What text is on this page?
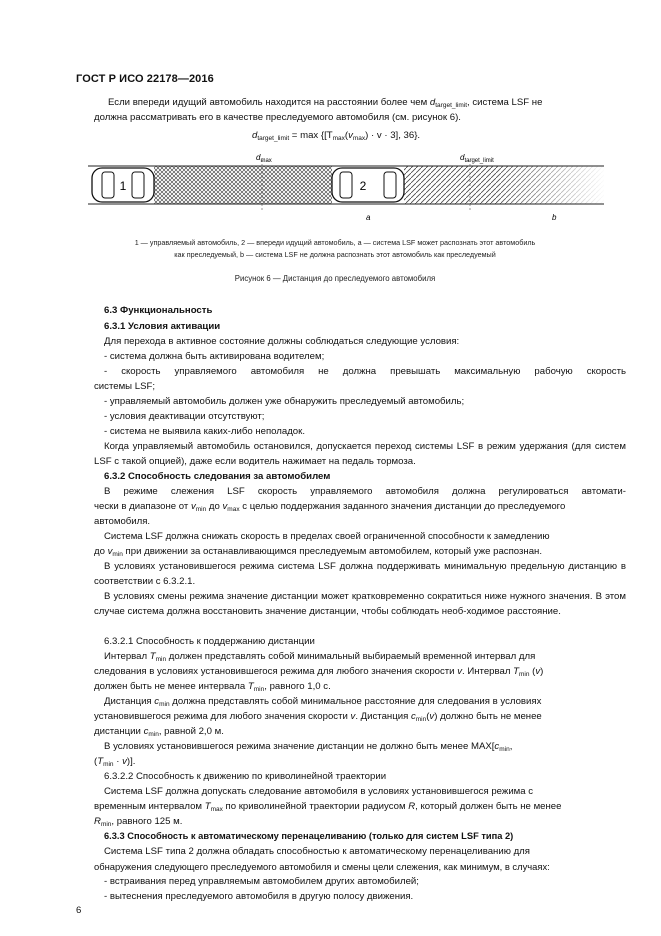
ГОСТ Р ИСО 22178—2016
Если впереди идущий автомобиль находится на расстоянии более чем $d_{target\_limit}$, система LSF не
должна рассматривать его в качестве преследуемого автомобиля (см. рисунок 6).
$d_{target\_limit} = \max \{[T_{max}(v_{max}) \cdot v \cdot 3]$, 36}.
1	2
$d_{max}$	$d_{target\_limit}$
a	b
1 — управляемый автомобиль, 2 — впереди идущий автомобиль, a — система LSF может распознать этот автомобиль
как преследуемый, b — система LSF не должна распознать этот автомобиль как преследуемый
Рисунок 6 — Дистанция до преследуемого автомобиля
6.3 Функциональность
6.3.1 Условия активации
Для перехода в активное состояние должны соблюдаться следующие условия:
- система должна быть активирована водителем;
- скорость управляемого автомобиля не должна превышать максимальную рабочую скорость
системы LSF;
- управляемый автомобиль должен уже обнаружить преследуемый автомобиль;
- условия деактивации отсутствуют;
- система не выявила каких-либо неполадок.

Когда управляемый автомобиль остановился, допускается переход системы LSF в режим удержания (для систем LSF с такой опцией), даже если водитель нажимает на педаль тормоза.

6.3.2 Способность следования за автомобилем
В режиме слежения LSF скорость управляемого автомобиля должна регулироваться автомати-
чески в диапазоне от $v_{min}$ до $v_{max}$ с целью поддержания заданного значения дистанции до преследуемого
автомобиля.
Система LSF должна снижать скорость в пределах своей ограниченной способности к замедлению
до $v_{min}$ при движении за останавливающимся преследуемым автомобилем, который уже распознан.

В условиях установившегося режима система LSF должна поддерживать минимальную предельную дистанцию в соответствии с 6.3.2.1.

В условиях смены режима значение дистанции может кратковременно сократиться ниже нужного значения. В этом случае система должна восстановить значение дистанции, чтобы соблюдать необ-ходимое расстояние.

6.3.2.1 Способность к поддержанию дистанции
Интервал $T_{min}$ должен представлять собой минимальный выбираемый временной интервал для
следования в условиях установившегося режима для любого значения скорости v. Интервал $T_{min}$ (v)
должен быть не менее интервала $T_{min}$, равного 1,0 с.
Дистанция $c_{min}$ должна представлять собой минимальное расстояние для следования в условиях
установившегося режима для любого значения скорости v. Дистанция $c_{min}(v)$ должно быть не менее
дистанции $c_{min}$, равной 2,0 м.
В условиях установившегося режима значение дистанции не должно быть менее $MAX[c_{min}$,
$(T_{min} \cdot v)$].
6.3.2.2 Способность к движению по криволинейной траектории
Система LSF должна допускать следование автомобиля в условиях установившегося режима с
временным интервалом $T_{max}$ по криволинейной траектории радиусом R, который должен быть не менее
$R_{min}$, равного 125 м.
6.3.3 Способность к автоматическому перенацеливанию (только для систем LSF типа 2)
Система LSF типа 2 должна обладать способностью к автоматическому перенацеливанию для
обнаружения следующего преследуемого автомобиля и смены цели слежения, как минимум, в случаях:
- встраивания перед управляемым автомобилем других автомобилей;
- вытеснения преследуемого автомобиля в другую полосу движения.
6
